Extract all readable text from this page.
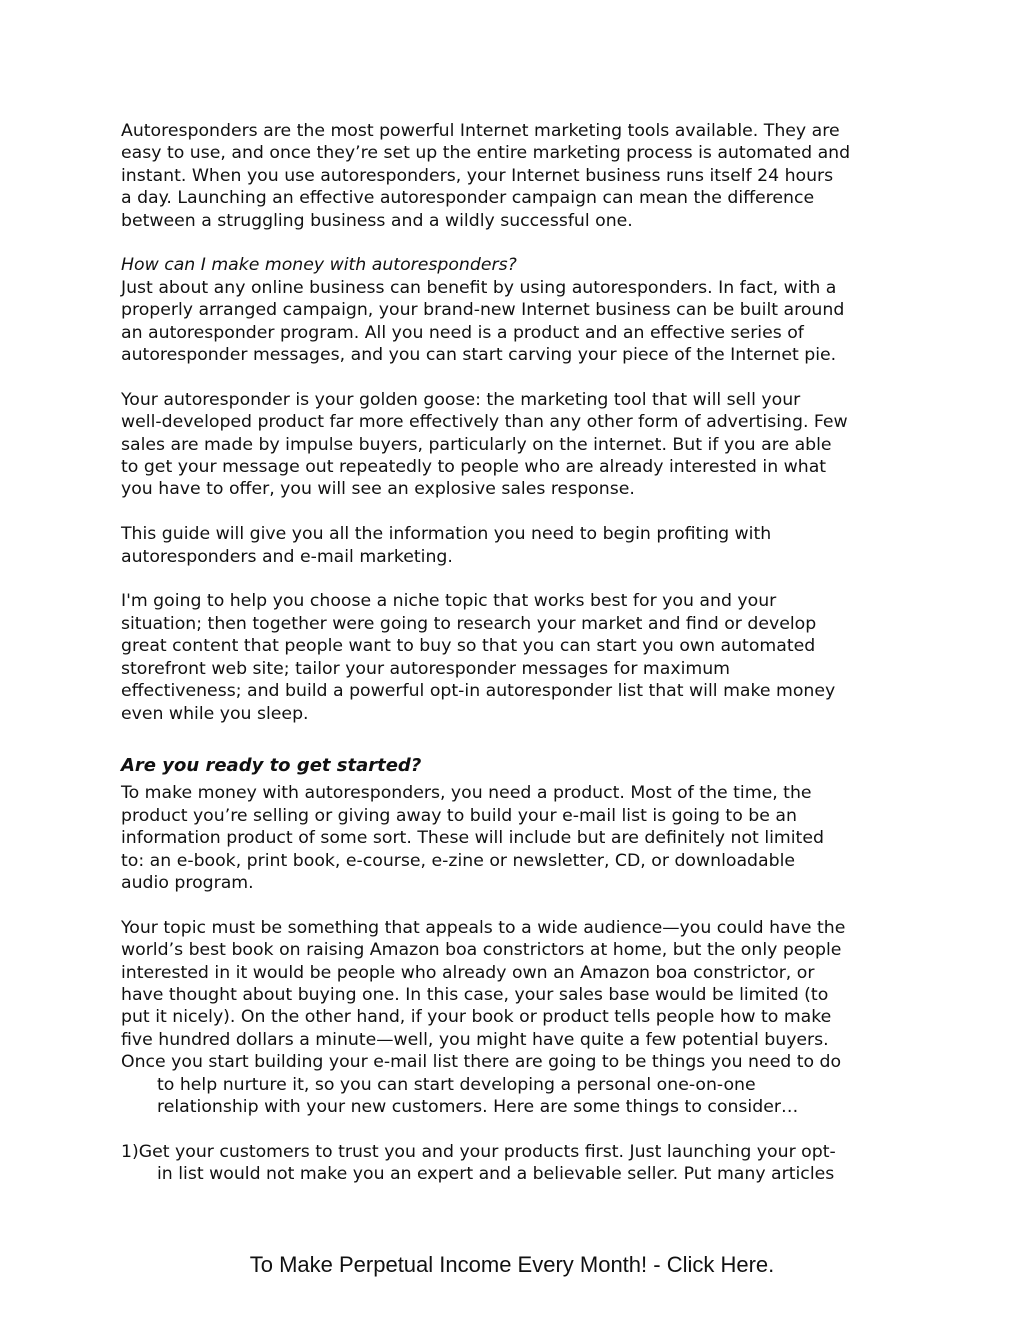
Autoresponders are the most powerful Internet marketing tools available. They are
easy to use, and once they’re set up the entire marketing process is automated and
instant. When you use autoresponders, your Internet business runs itself 24 hours
a day. Launching an effective autoresponder campaign can mean the difference
between a struggling business and a wildly successful one.

How can I make money with autoresponders?

Just about any online business can benefit by using autoresponders. In fact, with a
properly arranged campaign, your brand-new Internet business can be built around
an autoresponder program. All you need is a product and an effective series of
autoresponder messages, and you can start carving your piece of the Internet pie.

Your autoresponder is your golden goose: the marketing tool that will sell your
well-developed product far more effectively than any other form of advertising. Few
sales are made by impulse buyers, particularly on the internet. But if you are able
to get your message out repeatedly to people who are already interested in what
you have to offer, you will see an explosive sales response.

This guide will give you all the information you need to begin profiting with
autoresponders and e-mail marketing.

I'm going to help you choose a niche topic that works best for you and your
situation; then together were going to research your market and find or develop
great content that people want to buy so that you can start you own automated
storefront web site; tailor your autoresponder messages for maximum
effectiveness; and build a powerful opt-in autoresponder list that will make money
even while you sleep.

Are you ready to get started?

To make money with autoresponders, you need a product. Most of the time, the
product you’re selling or giving away to build your e-mail list is going to be an
information product of some sort. These will include but are definitely not limited
to: an e-book, print book, e-course, e-zine or newsletter, CD, or downloadable
audio program.

Your topic must be something that appeals to a wide audience—you could have the
world’s best book on raising Amazon boa constrictors at home, but the only people
interested in it would be people who already own an Amazon boa constrictor, or
have thought about buying one. In this case, your sales base would be limited (to
put it nicely). On the other hand, if your book or product tells people how to make
five hundred dollars a minute—well, you might have quite a few potential buyers.

Once you start building your e-mail list there are going to be things you need to do
to help nurture it, so you can start developing a personal one-on-one
relationship with your new customers. Here are some things to consider…

1)Get your customers to trust you and your products first. Just launching your opt-
in list would not make you an expert and a believable seller. Put many articles

To Make Perpetual Income Every Month! - Click Here.
